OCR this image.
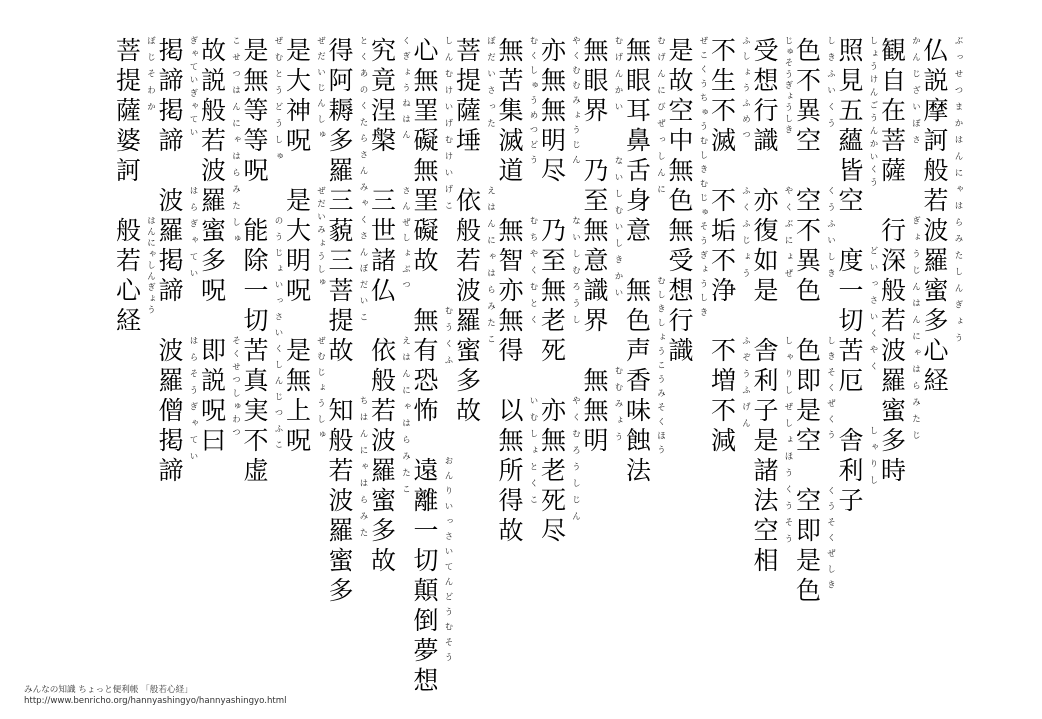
仏
説
摩
訶
般
若
波
羅
蜜
多
心
経
ぶっせつまかはんにゃはらみたしんぎょう
観
自
在
菩
薩
かんじざいぼさ
行
深
般
若
波
羅
蜜
多
時
ぎょうじんはんにゃはらみたじ
照
見
五
蘊
皆
空
しょうけんごうんかいくう
度
一
切
苦
厄
どいっさいくやく
舎
利
子
しゃりし
色
不
異
空
しきふいくう
空
不
異
色
くうふいしき
色
即
是
空 しきそくぜくう
空
即
是
色 くうそくぜしき
受
想
行
識
じゅそうぎょうしき
亦
復
如
是
やくぶにょぜ
舎
利
子
是
諸
法
空
相
しゃりしぜしょほうくうそう
不
生
不
滅 ふしょうふめつ
不
垢
不
浄
ふくふじょう
不
増
不
減
ふぞうふげん
是
故
空
中
無
色
無
受
想
行
識
ぜこくうちゅうむしきむじゅそうぎょうしき
無
眼
耳
鼻
舌
身
意
むげんにびぜっしんに
無
色
声
香
味
蝕
法
むしきしょうこうみそくほう
無
眼
界 むげんかい
乃
至
無
意
識
界
ないしむいしきかい
無
無
明 むむみょう
亦
無
無
明
尽
やくむむみょうじん
乃
至
無
老
死
ないしむろうし
亦
無
老
死
尽
やくむろうしじん
無
苦
集
滅
道
むくしゅうめつどう
無
智
亦
無
得
むちやくむとく
以
無
所
得
故
いむしょとくこ
菩
提
薩
埵
ぼだいさった
依
般
若
波
羅
蜜
多
故
えはんにゃはらみたこ
心
無
罣
礙
無
罣
礙
故
しんむけいげむけいげこ
無
有
恐
怖
むうくふ
遠
離
一
切
顛
倒
夢
想
おんりいっさいてんどうむそう
究
竟
涅
槃 くぎょうねはん
三
世
諸
仏 さんぜしょぶつ
依
般
若
波
羅
蜜
多
故
えはんにゃはらみたこ
得
阿
耨
多
羅
三
藐
三
菩
提
故
とくあのくたらさんみゃくさんぼだいこ
知
般
若
波
羅
蜜
多
ちはんにゃはらみた
是
大
神
呪 ぜだいじんしゅ
是
大
明
呪 ぜだいみょうしゅ
是
無
上
呪 ぜむじょうしゅ
是
無
等
等
呪
ぜむとうどうしゅ
能
除
一
切
苦
真
実
不
虚
のうじょいっさいくしんじつふこ
故
説
般
若
波
羅
蜜
多
呪
こせつはんにゃはらみたしゅ
即
説
呪
曰 そくせつしゅわつ
掲
諦
掲
諦 ぎゃていぎゃてい
波
羅
掲
諦
はらぎゃてい
波
羅
僧
掲
諦
はらそうぎゃてい
菩
提
薩
婆
訶
ぼじそわか
般
若
心
経
はんにゃしんぎょう
みんなの知識 ちょっと便利帳 「般若心経」
http://www.benricho.org/hannyashingyo/hannyashingyo.html
